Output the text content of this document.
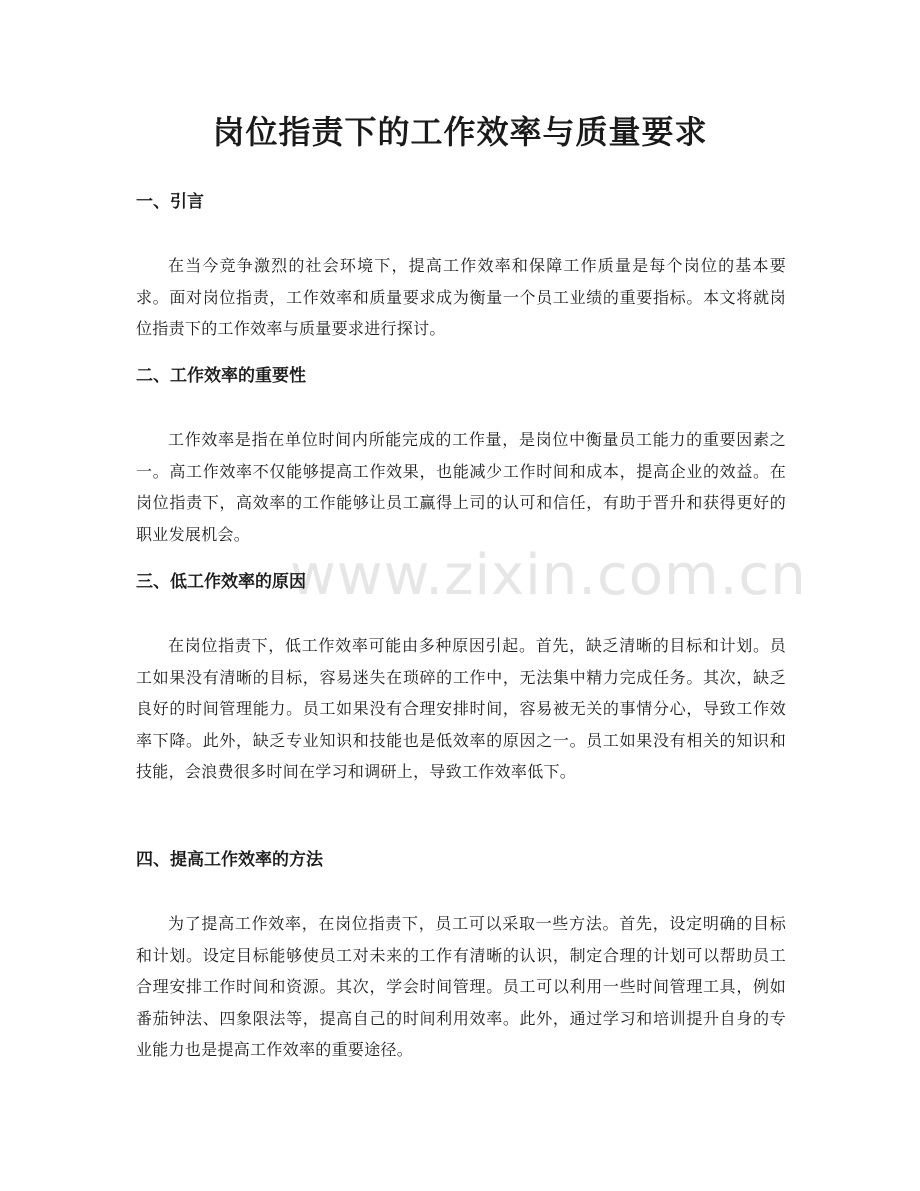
www.zixin.com.cn
岗位指责下的工作效率与质量要求
一、引言

在当今竞争激烈的社会环境下，提高工作效率和保障工作质量是每个岗位的基本要求。面对岗位指责，工作效率和质量要求成为衡量一个员工业绩的重要指标。本文将就岗位指责下的工作效率与质量要求进行探讨。

二、工作效率的重要性

工作效率是指在单位时间内所能完成的工作量，是岗位中衡量员工能力的重要因素之一。高工作效率不仅能够提高工作效果，也能减少工作时间和成本，提高企业的效益。在岗位指责下，高效率的工作能够让员工赢得上司的认可和信任，有助于晋升和获得更好的职业发展机会。

三、低工作效率的原因

在岗位指责下，低工作效率可能由多种原因引起。首先，缺乏清晰的目标和计划。员工如果没有清晰的目标，容易迷失在琐碎的工作中，无法集中精力完成任务。其次，缺乏良好的时间管理能力。员工如果没有合理安排时间，容易被无关的事情分心，导致工作效率下降。此外，缺乏专业知识和技能也是低效率的原因之一。员工如果没有相关的知识和技能，会浪费很多时间在学习和调研上，导致工作效率低下。

四、提高工作效率的方法

为了提高工作效率，在岗位指责下，员工可以采取一些方法。首先，设定明确的目标和计划。设定目标能够使员工对未来的工作有清晰的认识，制定合理的计划可以帮助员工合理安排工作时间和资源。其次，学会时间管理。员工可以利用一些时间管理工具，例如番茄钟法、四象限法等，提高自己的时间利用效率。此外，通过学习和培训提升自身的专业能力也是提高工作效率的重要途径。
